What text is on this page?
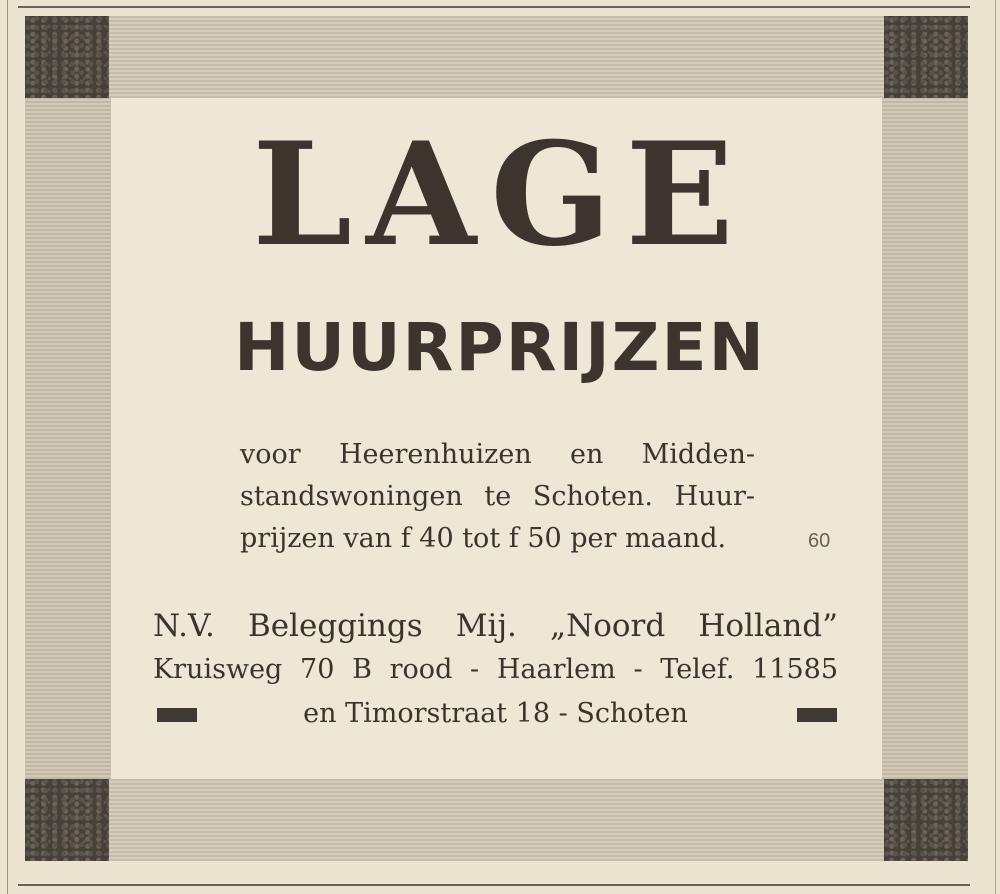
LAGE
HUURPRIJZEN
voor Heerenhuizen en Midden-
standswoningen te Schoten. Huur-
prijzen van f 40 tot f 50 per maand.	60
N.V. Beleggings Mij. „Noord Holland”
Kruisweg 70 B rood - Haarlem - Telef. 11585
en Timorstraat 18 - Schoten
